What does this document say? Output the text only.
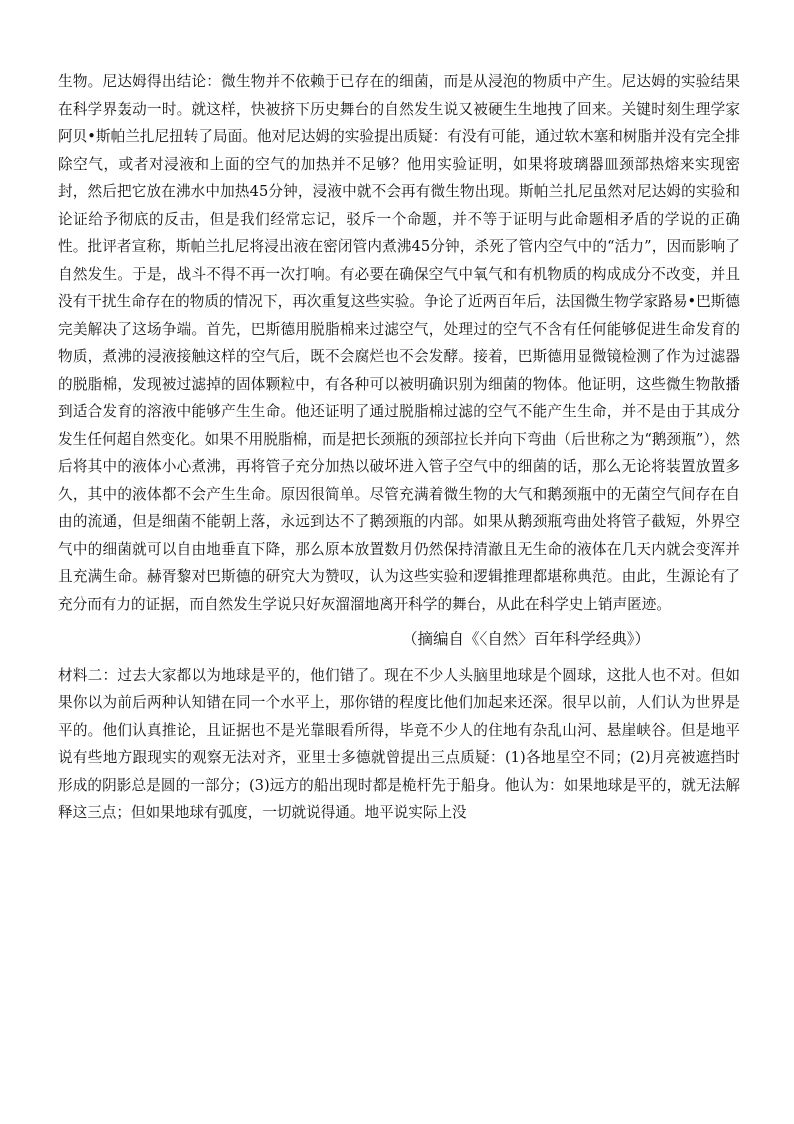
生物。尼达姆得出结论：微生物并不依赖于已存在的细菌，而是从浸泡的物质中产生。尼达姆的实验结果在科学界轰动一时。就这样，快被挤下历史舞台的自然发生说又被硬生生地拽了回来。关键时刻生理学家阿贝•斯帕兰扎尼扭转了局面。他对尼达姆的实验提出质疑：有没有可能，通过软木塞和树脂并没有完全排除空气，或者对浸液和上面的空气的加热并不足够？他用实验证明，如果将玻璃器皿颈部热熔来实现密封，然后把它放在沸水中加热45分钟，浸液中就不会再有微生物出现。斯帕兰扎尼虽然对尼达姆的实验和论证给予彻底的反击，但是我们经常忘记，驳斥一个命题，并不等于证明与此命题相矛盾的学说的正确性。批评者宣称，斯帕兰扎尼将浸出液在密闭管内煮沸45分钟，杀死了管内空气中的“活力”，因而影响了自然发生。于是，战斗不得不再一次打响。有必要在确保空气中氧气和有机物质的构成成分不改变，并且没有干扰生命存在的物质的情况下，再次重复这些实验。争论了近两百年后，法国微生物学家路易•巴斯德完美解决了这场争端。首先，巴斯德用脱脂棉来过滤空气，处理过的空气不含有任何能够促进生命发育的物质，煮沸的浸液接触这样的空气后，既不会腐烂也不会发酵。接着，巴斯德用显微镜检测了作为过滤器的脱脂棉，发现被过滤掉的固体颗粒中，有各种可以被明确识别为细菌的物体。他证明，这些微生物散播到适合发育的溶液中能够产生生命。他还证明了通过脱脂棉过滤的空气不能产生生命，并不是由于其成分发生任何超自然变化。如果不用脱脂棉，而是把长颈瓶的颈部拉长并向下弯曲（后世称之为“鹅颈瓶”），然后将其中的液体小心煮沸，再将管子充分加热以破坏进入管子空气中的细菌的话，那么无论将装置放置多久，其中的液体都不会产生生命。原因很简单。尽管充满着微生物的大气和鹅颈瓶中的无菌空气间存在自由的流通，但是细菌不能朝上落，永远到达不了鹅颈瓶的内部。如果从鹅颈瓶弯曲处将管子截短，外界空气中的细菌就可以自由地垂直下降，那么原本放置数月仍然保持清澈且无生命的液体在几天内就会变浑并且充满生命。赫胥黎对巴斯德的研究大为赞叹，认为这些实验和逻辑推理都堪称典范。由此，生源论有了充分而有力的证据，而自然发生学说只好灰溜溜地离开科学的舞台，从此在科学史上销声匿迹。

（摘编自《〈自然〉百年科学经典》）

材料二：过去大家都以为地球是平的，他们错了。现在不少人头脑里地球是个圆球，这批人也不对。但如果你以为前后两种认知错在同一个水平上，那你错的程度比他们加起来还深。很早以前，人们认为世界是平的。他们认真推论，且证据也不是光靠眼看所得，毕竟不少人的住地有杂乱山河、悬崖峡谷。但是地平说有些地方跟现实的观察无法对齐，亚里士多德就曾提出三点质疑：(1)各地星空不同；(2)月亮被遮挡时形成的阴影总是圆的一部分；(3)远方的船出现时都是桅杆先于船身。他认为：如果地球是平的，就无法解释这三点；但如果地球有弧度，一切就说得通。地平说实际上没
